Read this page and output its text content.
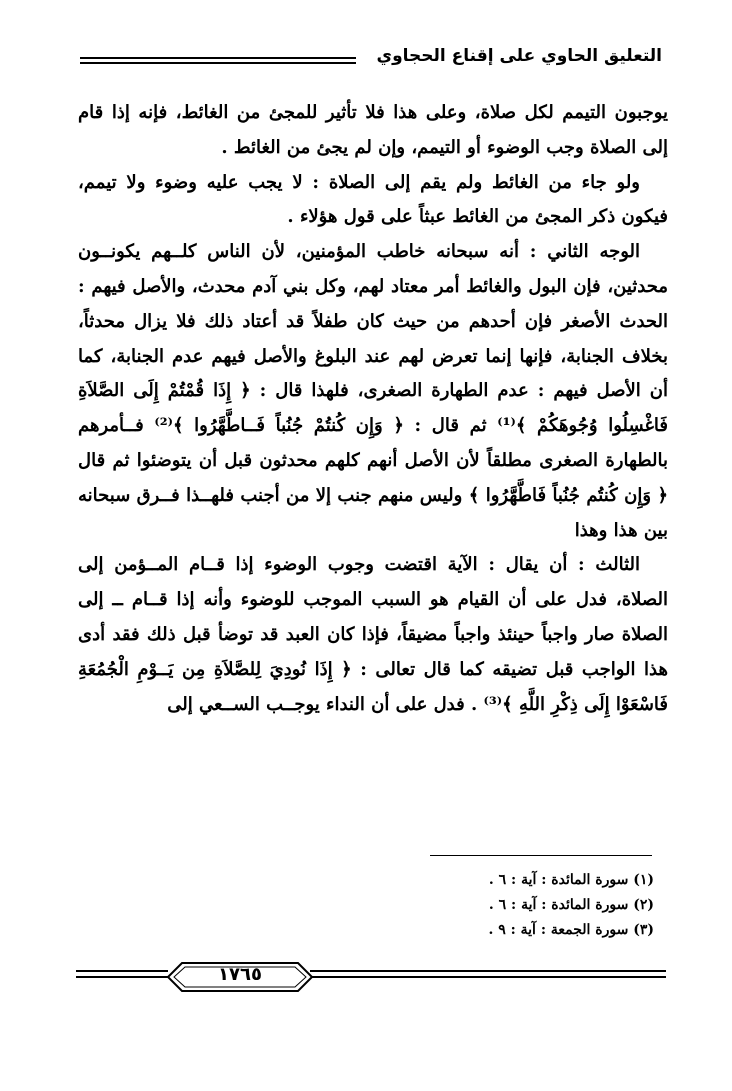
التعليق الحاوي على إقناع الحجاوي

يوجبون التيمم لكل صلاة، وعلى هذا فلا تأثير للمجئ من الغائط، فإنه إذا قام إلى الصلاة وجب الوضوء أو التيمم، وإن لم يجئ من الغائط .

ولو جاء من الغائط ولم يقم إلى الصلاة : لا يجب عليه وضوء ولا تيمم، فيكون ذكر المجئ من الغائط عبثاً على قول هؤلاء .

الوجه الثاني : أنه سبحانه خاطب المؤمنين، لأن الناس كلــهم يكونــون محدثين، فإن البول والغائط أمر معتاد لهم، وكل بني آدم محدث، والأصل فيهم : الحدث الأصغر فإن أحدهم من حيث كان طفلاً قد أعتاد ذلك فلا يزال محدثاً، بخلاف الجنابة، فإنها إنما تعرض لهم عند البلوغ والأصل فيهم عدم الجنابة، كما أن الأصل فيهم : عدم الطهارة الصغرى، فلهذا قال : ﴿ إِذَا قُمْتُمْ إِلَى الصَّلاَةِ فَاغْسِلُوا وُجُوهَكُمْ ﴾⁽¹⁾ ثم قال : ﴿ وَإِن كُنتُمْ جُنُباً فَــاطَّهَّرُوا ﴾⁽²⁾ فــأمرهم بالطهارة الصغرى مطلقاً لأن الأصل أنهم كلهم محدثون قبل أن يتوضئوا ثم قال ﴿ وَإِن كُنتُم جُنُباً فَاطَّهَّرُوا ﴾ وليس منهم جنب إلا من أجنب فلهــذا فــرق سبحانه بين هذا وهذا

الثالث : أن يقال : الآية اقتضت وجوب الوضوء إذا قــام المــؤمن إلى الصلاة، فدل على أن القيام هو السبب الموجب للوضوء وأنه إذا قــام ــ إلى الصلاة صار واجباً حينئذ واجباً مضيقاً، فإذا كان العبد قد توضأ قبل ذلك فقد أدى هذا الواجب قبل تضيقه كما قال تعالى : ﴿ إِذَا نُودِيَ لِلصَّلاَةِ مِن يَــوْمِ الْجُمُعَةِ فَاسْعَوْا إِلَى ذِكْرِ اللَّهِ ﴾⁽³⁾ . فدل على أن النداء يوجــب الســعي إلى

(١) سورة المائدة : آية : ٦ .
(٢) سورة المائدة : آية : ٦ .
(٣) سورة الجمعة : آية : ٩ .
١٧٦٥
